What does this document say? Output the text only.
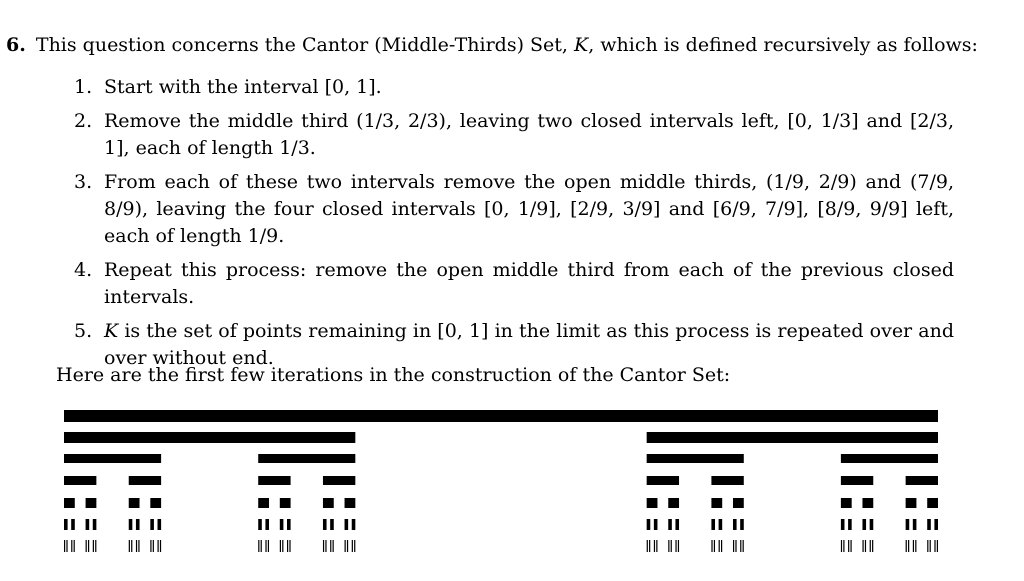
6. This question concerns the Cantor (Middle-Thirds) Set, K, which is defined recursively as follows:
1. Start with the interval [0, 1].
2. Remove the middle third (1/3, 2/3), leaving two closed intervals left, [0, 1/3] and [2/3, 1], each of length 1/3.
3. From each of these two intervals remove the open middle thirds, (1/9, 2/9) and (7/9, 8/9), leaving the four closed intervals [0, 1/9], [2/9, 3/9] and [6/9, 7/9], [8/9, 9/9] left, each of length 1/9.
4. Repeat this process: remove the open middle third from each of the previous closed intervals.
5. K is the set of points remaining in [0, 1] in the limit as this process is repeated over and over without end.
Here are the first few iterations in the construction of the Cantor Set:
